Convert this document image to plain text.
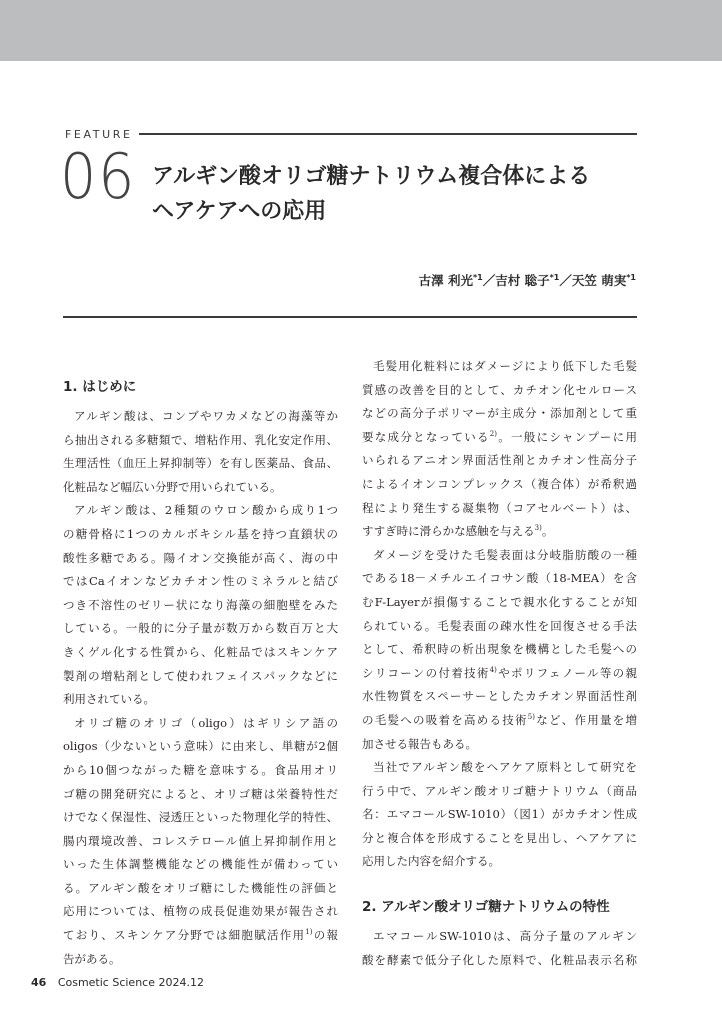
FEATURE
06 アルギン酸オリゴ糖ナトリウム複合体による
ヘアケアへの応用
古澤 利光$^{*1}$／吉村 聡子$^{*1}$／天笠 萌実$^{*1}$
1. はじめに

アルギン酸は、コンブやワカメなどの海藻等か
ら抽出される多糖類で、増粘作用、乳化安定作用、
生理活性（血圧上昇抑制等）を有し医薬品、食品、
化粧品など幅広い分野で用いられている。

アルギン酸は、2種類のウロン酸から成り1つ
の糖骨格に1つのカルボキシル基を持つ直鎖状の
酸性多糖である。陽イオン交換能が高く、海の中
ではCaイオンなどカチオン性のミネラルと結び
つき不溶性のゼリー状になり海藻の細胞壁をみた
している。一般的に分子量が数万から数百万と大
きくゲル化する性質から、化粧品ではスキンケア
製剤の増粘剤として使われフェイスパックなどに
利用されている。

オリゴ糖のオリゴ（oligo）はギリシア語の
oligos（少ないという意味）に由来し、単糖が2個
から10個つながった糖を意味する。食品用オリ
ゴ糖の開発研究によると、オリゴ糖は栄養特性だ
けでなく保湿性、浸透圧といった物理化学的特性、
腸内環境改善、コレステロール値上昇抑制作用と
いった生体調整機能などの機能性が備わってい
る。アルギン酸をオリゴ糖にした機能性の評価と
応用については、植物の成長促進効果が報告され
ており、スキンケア分野では細胞賦活作用$^{1)}$の報
告がある。

毛髪用化粧料にはダメージにより低下した毛髪
質感の改善を目的として、カチオン化セルロース
などの高分子ポリマーが主成分・添加剤として重
要な成分となっている$^{2)}$。一般にシャンプーに用
いられるアニオン界面活性剤とカチオン性高分子
によるイオンコンプレックス（複合体）が希釈過
程により発生する凝集物（コアセルベート）は、
すすぎ時に滑らかな感触を与える$^{3)}$。

ダメージを受けた毛髪表面は分岐脂肪酸の一種
である18－メチルエイコサン酸（18-MEA）を含
むF-Layerが損傷することで親水化することが知
られている。毛髪表面の疎水性を回復させる手法
として、希釈時の析出現象を機構とした毛髪への
シリコーンの付着技術$^{4)}$やポリフェノール等の親
水性物質をスペーサーとしたカチオン界面活性剤
の毛髪への吸着を高める技術$^{5)}$など、作用量を増
加させる報告もある。

当社でアルギン酸をヘアケア原料として研究を
行う中で、アルギン酸オリゴ糖ナトリウム（商品
名：エマコールSW-1010）（図1）がカチオン性成
分と複合体を形成することを見出し、ヘアケアに
応用した内容を紹介する。

2. アルギン酸オリゴ糖ナトリウムの特性

エマコールSW-1010は、高分子量のアルギン
酸を酵素で低分子化した原料で、化粧品表示名称

46 Cosmetic Science 2024.12
